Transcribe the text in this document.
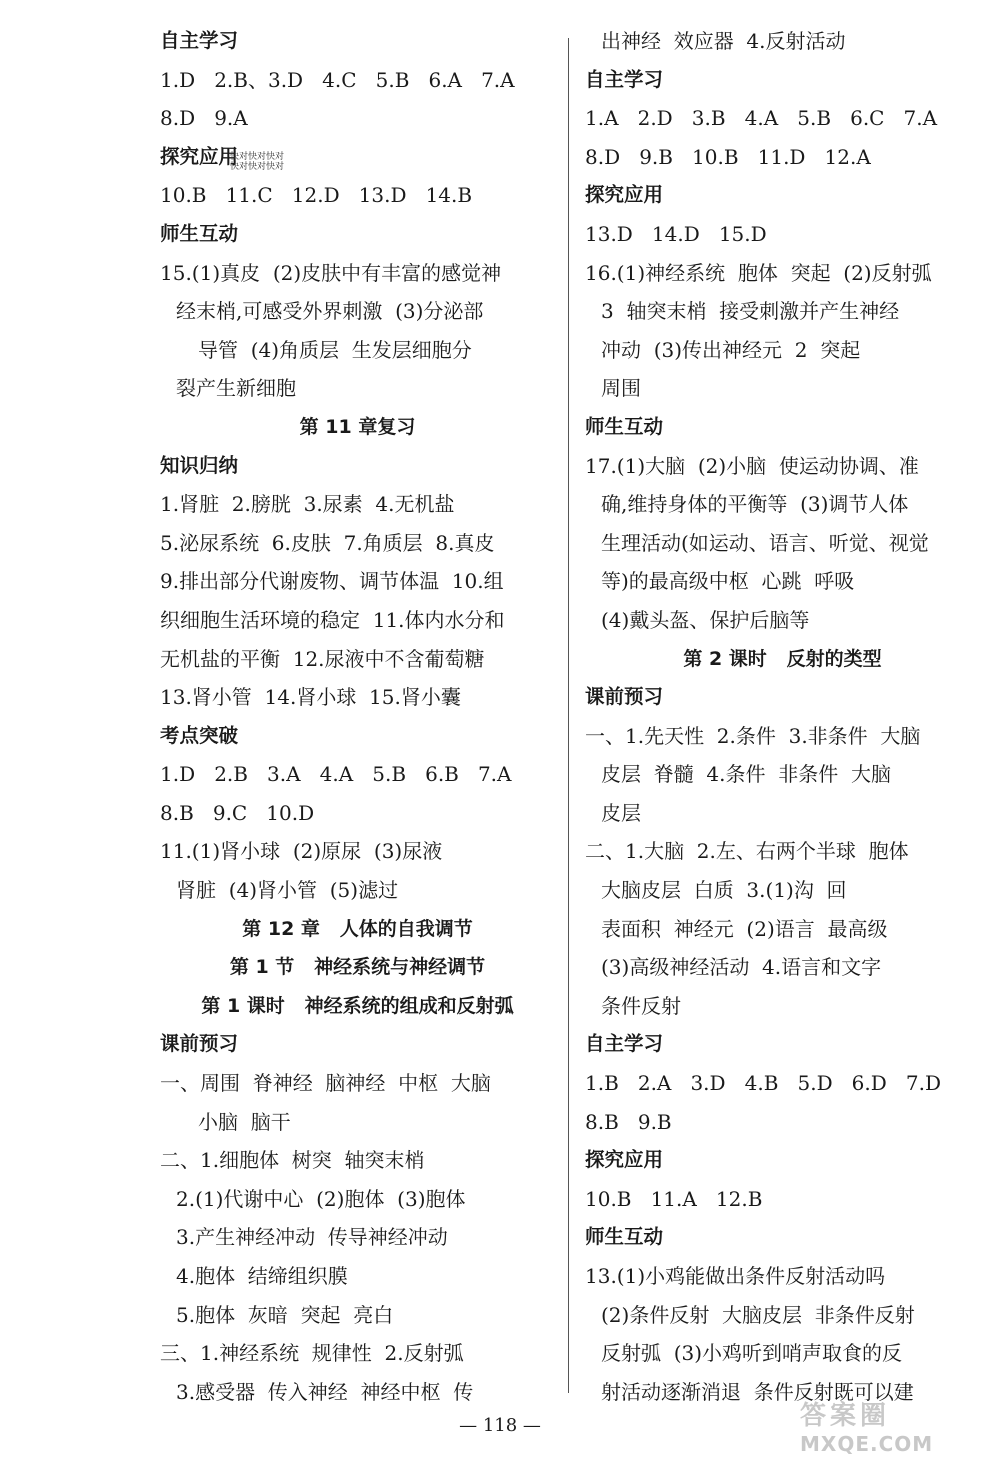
自主学习
1.D   2.B、3.D   4.C   5.B   6.A   7.A
8.D   9.A
探究应用
10.B   11.C   12.D   13.D   14.B
师生互动
15.(1)真皮  (2)皮肤中有丰富的感觉神
经末梢,可感受外界刺激  (3)分泌部
导管  (4)角质层  生发层细胞分
裂产生新细胞
第 11 章复习
知识归纳
1.肾脏  2.膀胱  3.尿素  4.无机盐
5.泌尿系统  6.皮肤  7.角质层  8.真皮
9.排出部分代谢废物、调节体温  10.组
织细胞生活环境的稳定  11.体内水分和
无机盐的平衡  12.尿液中不含葡萄糖
13.肾小管  14.肾小球  15.肾小囊
考点突破
1.D   2.B   3.A   4.A   5.B   6.B   7.A
8.B   9.C   10.D
11.(1)肾小球  (2)原尿  (3)尿液
肾脏  (4)肾小管  (5)滤过
第 12 章   人体的自我调节
第 1 节   神经系统与神经调节
第 1 课时   神经系统的组成和反射弧
课前预习
一、周围  脊神经  脑神经  中枢  大脑
小脑  脑干
二、1.细胞体  树突  轴突末梢
2.(1)代谢中心  (2)胞体  (3)胞体
3.产生神经冲动  传导神经冲动
4.胞体  结缔组织膜
5.胞体  灰暗  突起  亮白
三、1.神经系统  规律性  2.反射弧
3.感受器  传入神经  神经中枢  传
出神经  效应器  4.反射活动
自主学习
1.A   2.D   3.B   4.A   5.B   6.C   7.A
8.D   9.B   10.B   11.D   12.A
探究应用
13.D   14.D   15.D
16.(1)神经系统  胞体  突起  (2)反射弧
3  轴突末梢  接受刺激并产生神经
冲动  (3)传出神经元  2  突起
周围
师生互动
17.(1)大脑  (2)小脑  使运动协调、准
确,维持身体的平衡等  (3)调节人体
生理活动(如运动、语言、听觉、视觉
等)的最高级中枢  心跳  呼吸
(4)戴头盔、保护后脑等
第 2 课时   反射的类型
课前预习
一、1.先天性  2.条件  3.非条件  大脑
皮层  脊髓  4.条件  非条件  大脑
皮层
二、1.大脑  2.左、右两个半球  胞体
大脑皮层  白质  3.(1)沟  回
表面积  神经元  (2)语言  最高级
(3)高级神经活动  4.语言和文字
条件反射
自主学习
1.B   2.A   3.D   4.B   5.D   6.D   7.D
8.B   9.B
探究应用
10.B   11.A   12.B
师生互动
13.(1)小鸡能做出条件反射活动吗
(2)条件反射  大脑皮层  非条件反射
反射弧  (3)小鸡听到哨声取食的反
射活动逐渐消退  条件反射既可以建
快对快对快对
快对快对快对
— 118 —	答案圈
MXQE.COM
